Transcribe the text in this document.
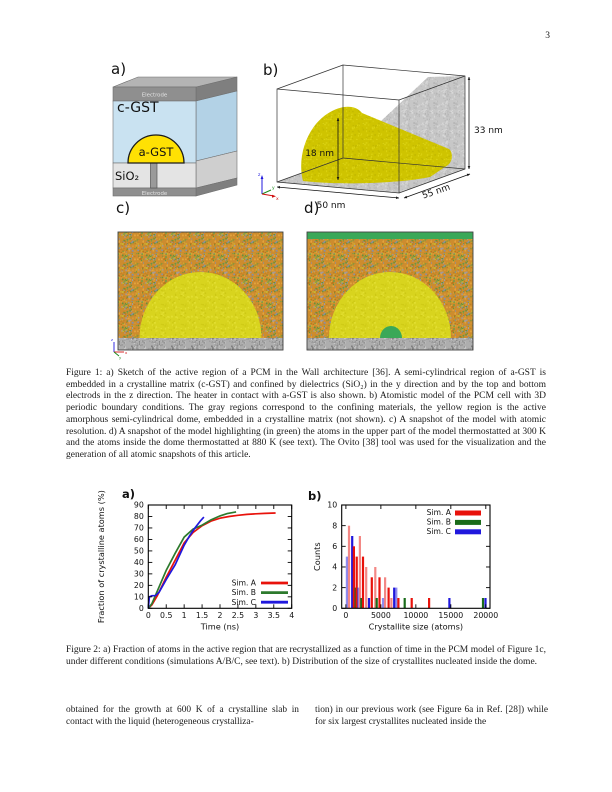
Electrode
c-GST
a-GST
SiO₂
Electrode
18 nm
50 nm
55 nm
33 nm
z
y
x
z
x
y
0 0.5 1 1.5 2 2.5 3 3.5 4
0
10
20
30
40
50
60
70
80
90
Time (ns)
Fraction of crystalline atoms (%)	Sim. A
Sim. B
Sim. C
0	5000 10000 15000 20000
0
2
4
6
8
10
Crystallite size (atoms)
Counts
Sim. A
Sim. B
Sim. C
3
a)	b)
c)	d)
Figure 1: a) Sketch of the active region of a PCM in the Wall architecture [36]. A semi-cylindrical region of a-GST is embedded in a crystalline matrix (c-GST) and confined by dielectrics (SiO₂) in the y direction and by the top and bottom electrods in the z direction. The heater in contact with a-GST is also shown. b) Atomistic model of the PCM cell with 3D periodic boundary conditions. The gray regions correspond to the confining materials, the yellow region is the active amorphous semi-cylindrical dome, embedded in a crystalline matrix (not shown). c) A snapshot of the model with atomic resolution. d) A snapshot of the model highlighting (in green) the atoms in the upper part of the model thermostatted at 300 K and the atoms inside the dome thermostatted at 880 K (see text). The Ovito [38] tool was used for the visualization and the generation of all atomic snapshots of this article.
a)	b)
Figure 2: a) Fraction of atoms in the active region that are recrystallized as a function of time in the PCM model of Figure 1c, under different conditions (simulations A/B/C, see text). b) Distribution of the size of crystallites nucleated inside the dome.
obtained for the growth at 600 K of a crystalline slab in contact with the liquid (heterogeneous crystalliza-
tion) in our previous work (see Figure 6a in Ref. [28]) while for six largest crystallites nucleated inside the
